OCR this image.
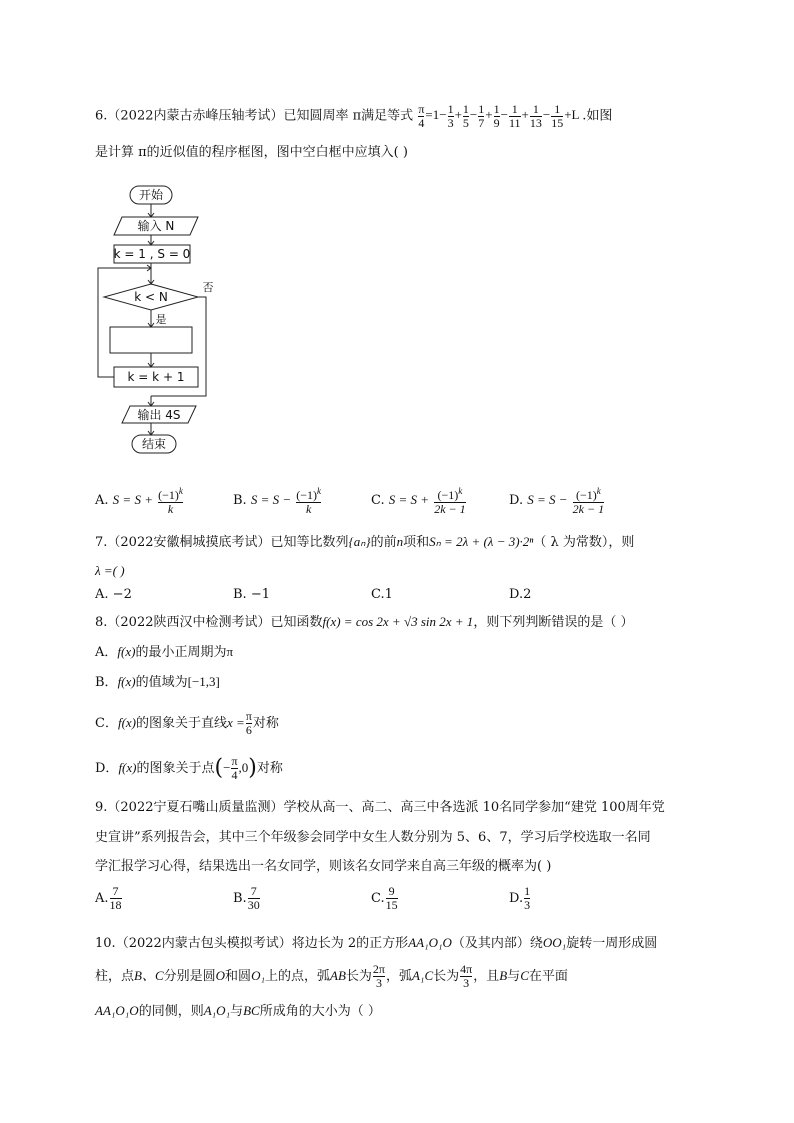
6.（2022内蒙古赤峰压轴考试）已知圆周率 π满足等式 $\frac{\pi}{4} =1- \frac{1}{3} + \frac{1}{5} - \frac{1}{7} + \frac{1}{9} - \frac{1}{11} + \frac{1}{13} - \frac{1}{15} +L$ .如图
是计算 π的近似值的程序框图，图中空白框中应填入( )
开始
输入 N
k = 1 , S = 0
k < N
否
是
k = k + 1
输出 4S
结束
A. $S = S + \frac{(-1)^k}{k}$	B. $S = S - \frac{(-1)^k}{k}$	C. $S = S + \frac{(-1)^k}{2k - 1}$	D. $S = S - \frac{(-1)^k}{2k - 1}$
7.（2022安徽桐城摸底考试）已知等比数列{aₙ}的前n项和Sₙ = 2λ + (λ − 3)·2ⁿ（ λ 为常数），则
λ =( )
A. −2	B. −1	C.1	D.2
8.（2022陕西汉中检测考试）已知函数f(x) = cos 2x + √3 sin 2x + 1，则下列判断错误的是（ ）
A．f(x)的最小正周期为π
B．f(x)的值域为[−1,3]
C．f(x)的图象关于直线$x = \frac{\pi}{6}$ 对称
D．f(x)的图象关于点(− $\frac{\pi}{4} ,0$)对称
9.（2022宁夏石嘴山质量监测）学校从高一、高二、高三中各选派 10名同学参加“建党 100周年党
史宣讲”系列报告会，其中三个年级参会同学中女生人数分别为 5、6、7，学习后学校选取一名同
学汇报学习心得，结果选出一名女同学，则该名女同学来自高三年级的概率为( )
A. $\frac{7}{18}$	B. $\frac{7}{30}$	C. $\frac{9}{15}$	D. $\frac{1}{3}$
10.（2022内蒙古包头模拟考试）将边长为 2的正方形AA₁O₁O（及其内部）绕OO₁旋转一周形成圆
柱，点B、C分别是圆O和圆O₁上的点，弧AB长为 $\frac{2\pi}{3}$ ，弧A₁C长为 $\frac{4\pi}{3}$ ，且B与C在平面
AA₁O₁O的同侧，则A₁O₁与BC所成角的大小为（ ）
